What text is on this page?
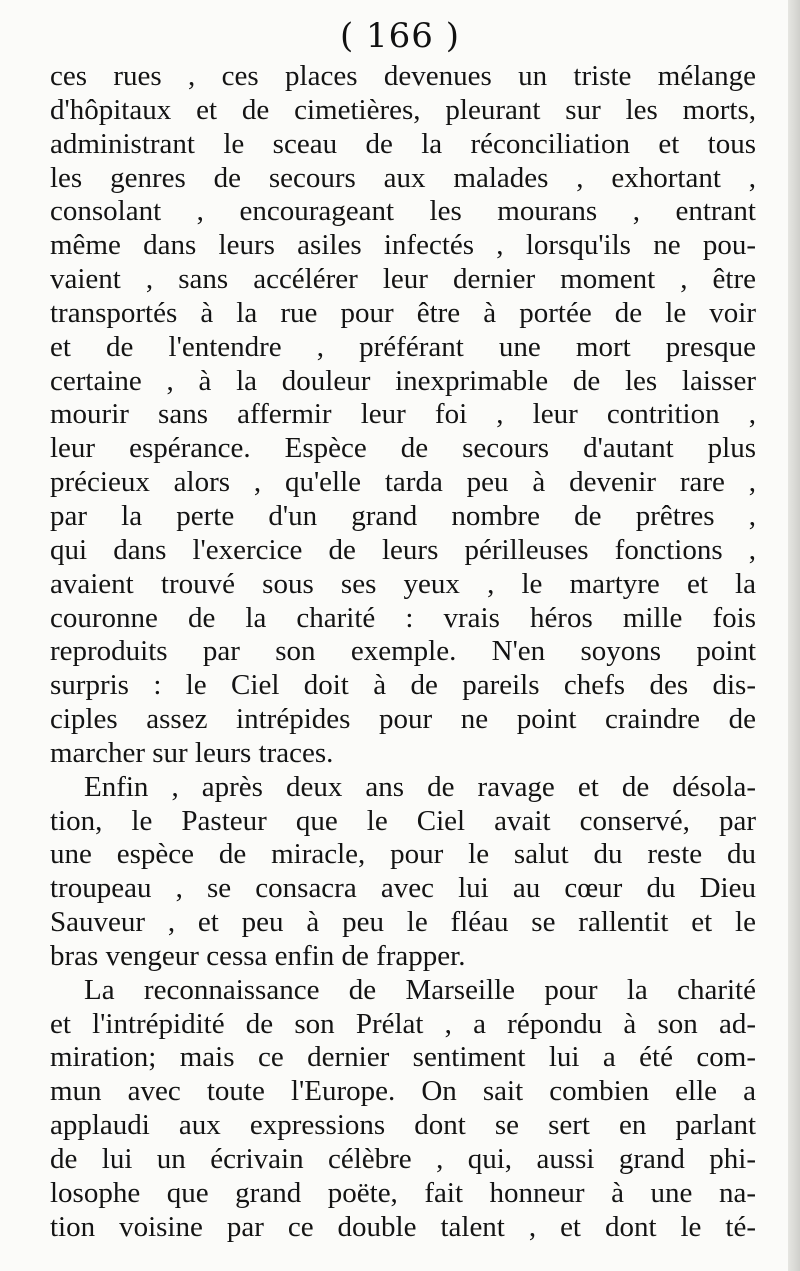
( 166 )
ces rues , ces places devenues un triste mélange
d'hôpitaux et de cimetières, pleurant sur les morts,
administrant le sceau de la réconciliation et tous
les genres de secours aux malades , exhortant ,
consolant , encourageant les mourans , entrant
même dans leurs asiles infectés , lorsqu'ils ne pou-
vaient , sans accélérer leur dernier moment , être
transportés à la rue pour être à portée de le voir
et de l'entendre , préférant une mort presque
certaine , à la douleur inexprimable de les laisser
mourir sans affermir leur foi , leur contrition ,
leur espérance. Espèce de secours d'autant plus
précieux alors , qu'elle tarda peu à devenir rare ,
par la perte d'un grand nombre de prêtres ,
qui dans l'exercice de leurs périlleuses fonctions ,
avaient trouvé sous ses yeux , le martyre et la
couronne de la charité : vrais héros mille fois
reproduits par son exemple. N'en soyons point
surpris : le Ciel doit à de pareils chefs des dis-
ciples assez intrépides pour ne point craindre de
marcher sur leurs traces.
Enfin , après deux ans de ravage et de désola-
tion, le Pasteur que le Ciel avait conservé, par
une espèce de miracle, pour le salut du reste du
troupeau , se consacra avec lui au cœur du Dieu
Sauveur , et peu à peu le fléau se rallentit et le
bras vengeur cessa enfin de frapper.
La reconnaissance de Marseille pour la charité
et l'intrépidité de son Prélat , a répondu à son ad-
miration; mais ce dernier sentiment lui a été com-
mun avec toute l'Europe. On sait combien elle a
applaudi aux expressions dont se sert en parlant
de lui un écrivain célèbre , qui, aussi grand phi-
losophe que grand poëte, fait honneur à une na-
tion voisine par ce double talent , et dont le té-
